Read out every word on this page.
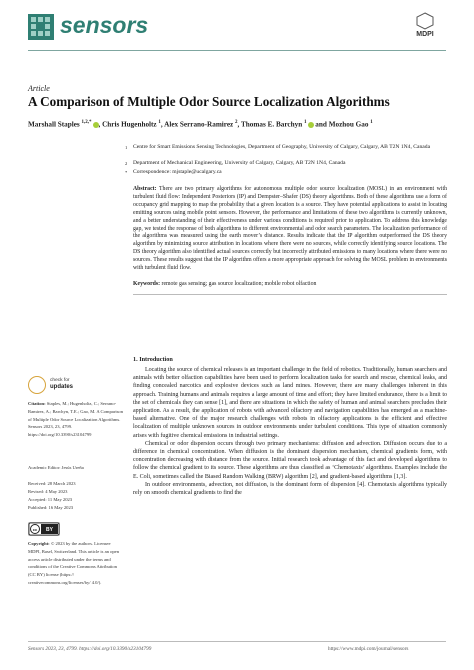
sensors	MDPI
Article
A Comparison of Multiple Odor Source Localization Algorithms
Marshall Staples $^{1,2,*}$ , Chris Hugenholtz $^1$, Alex Serrano-Ramirez $^2$, Thomas E. Barchyn $^1$ and Mozhou Gao $^1$
1 Centre for Smart Emissions Sensing Technologies, Department of Geography, University of Calgary, Calgary, AB T2N 1N4, Canada
2 Department of Mechanical Engineering, University of Calgary, Calgary, AB T2N 1N4, Canada
* Correspondence: mjstaple@ucalgary.ca
Abstract: There are two primary algorithms for autonomous multiple odor source localization (MOSL) in an environment with turbulent fluid flow: Independent Posteriors (IP) and Dempster–Shafer (DS) theory algorithms. Both of these algorithms use a form of occupancy grid mapping to map the probability that a given location is a source. They have potential applications to assist in locating emitting sources using mobile point sensors. However, the performance and limitations of these two algorithms is currently unknown, and a better understanding of their effectiveness under various conditions is required prior to application. To address this knowledge gap, we tested the response of both algorithms to different environmental and odor search parameters. The localization performance of the algorithms was measured using the earth mover’s distance. Results indicate that the IP algorithm outperformed the DS theory algorithm by minimizing source attribution in locations where there were no sources, while correctly identifying source locations. The DS theory algorithm also identified actual sources correctly but incorrectly attributed emissions to many locations where there were no sources. These results suggest that the IP algorithm offers a more appropriate approach for solving the MOSL problem in environments with turbulent fluid flow.
Keywords: remote gas sensing; gas source localization; mobile robot olfaction
check for
updates
Citation: Staples, M.; Hugenholtz, C.; Serrano-Ramirez, A.; Barchyn, T.E.; Gao, M. A Comparison of Multiple Odor Source Localization Algorithms. Sensors 2023, 23, 4799. https://doi.org/10.3390/s23104799
Academic Editor: Jesús Ureña
Received: 28 March 2023
Revised: 4 May 2023
Accepted: 11 May 2023
Published: 16 May 2023
cc BY
Copyright: © 2023 by the authors. Licensee MDPI, Basel, Switzerland. This article is an open access article distributed under the terms and conditions of the Creative Commons Attribution (CC BY) license (https:// creativecommons.org/licenses/by/ 4.0/).
1. Introduction

Locating the source of chemical releases is an important challenge in the field of robotics. Traditionally, human searchers and animals with better olfaction capabilities have been used to perform localization tasks for search and rescue, chemical leaks, and finding concealed narcotics and explosive devices such as land mines. However, there are many challenges inherent in this approach. Training humans and animals requires a large amount of time and effort; they have limited endurance, there is a limit to the set of chemicals they can sense [1], and there are situations in which the safety of human and animal searchers precludes their application. As a result, the application of robots with advanced olfactory and navigation capabilities has emerged as a machine-based alternative. One of the major research challenges with robots in olfactory applications is the efficient and effective localization of multiple unknown sources in outdoor environments under turbulent conditions. This type of situation commonly arises with fugitive chemical emissions in industrial settings.

Chemical or odor dispersion occurs through two primary mechanisms: diffusion and advection. Diffusion occurs due to a difference in chemical concentration. When diffusion is the dominant dispersion mechanism, chemical gradients form, with concentration decreasing with distance from the source. Initial research took advantage of this fact and developed algorithms to follow the chemical gradient to its source. These algorithms are thus classified as ‘Chemotaxis’ algorithms. Examples include the E. Coli, sometimes called the Biased Random Walking (BRW) algorithm [2], and gradient-based algorithms [1,3].

In outdoor environments, advection, not diffusion, is the dominant form of dispersion [4]. Chemotaxis algorithms typically rely on smooth chemical gradients to find the

Sensors 2023, 23, 4799. https://doi.org/10.3390/s23104799	https://www.mdpi.com/journal/sensors
